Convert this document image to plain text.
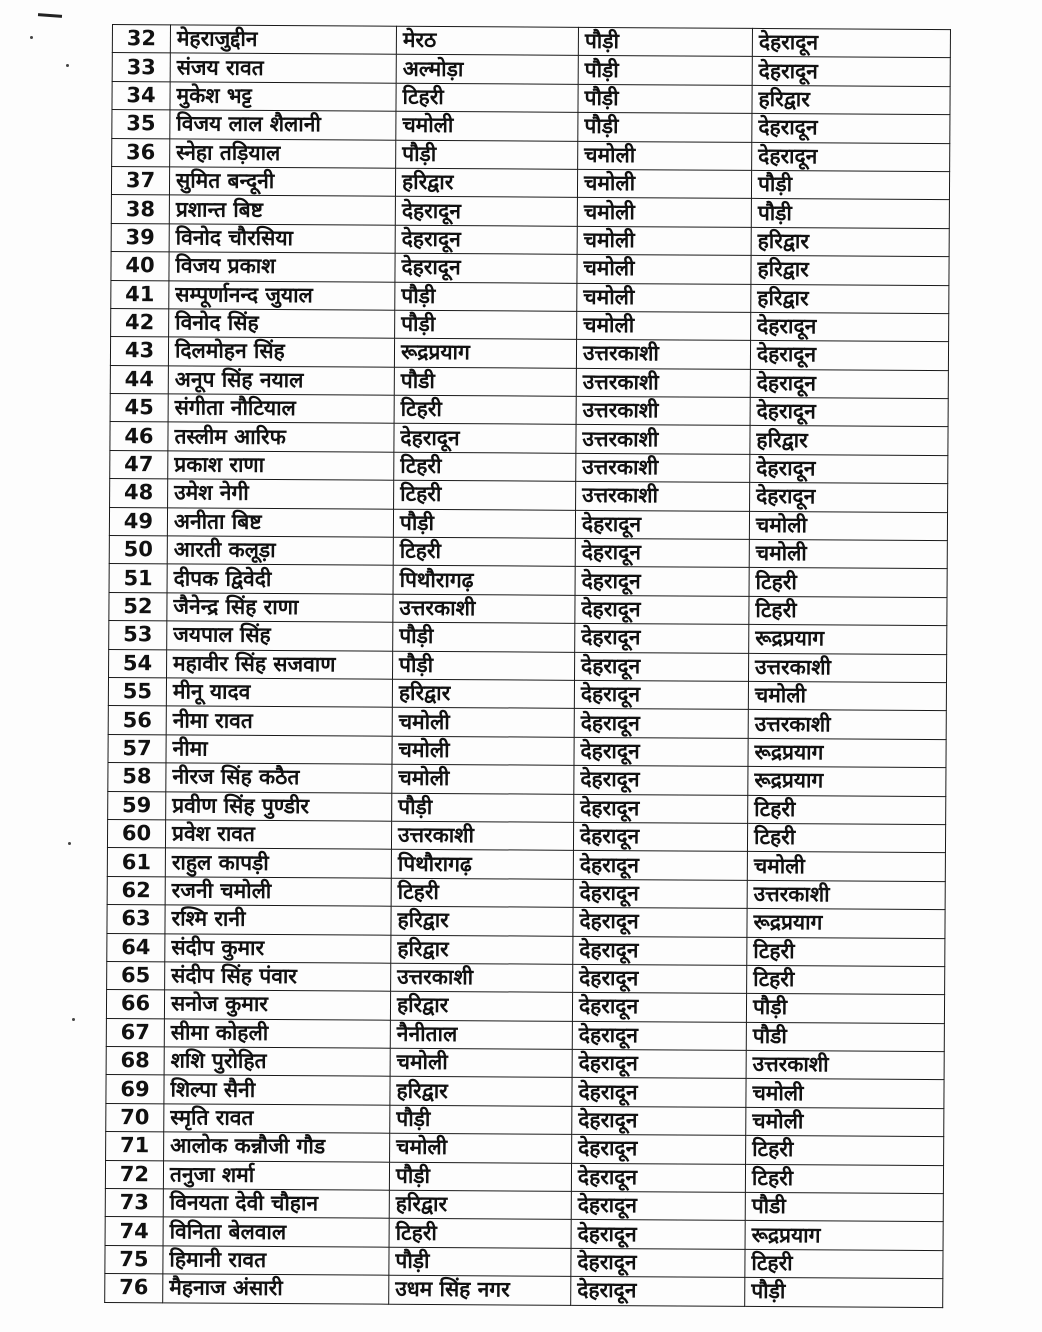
32	मेहराजुद्दीन	मेरठ	पौड़ी	देहरादून
33	संजय रावत	अल्मोड़ा	पौड़ी	देहरादून
34	मुकेश भट्ट	टिहरी	पौड़ी	हरिद्वार
35	विजय लाल शैलानी	चमोली	पौड़ी	देहरादून
36	स्नेहा तड़ियाल	पौड़ी	चमोली	देहरादून
37	सुमित बन्दूनी	हरिद्वार	चमोली	पौड़ी
38	प्रशान्त बिष्ट	देहरादून	चमोली	पौड़ी
39	विनोद चौरसिया	देहरादून	चमोली	हरिद्वार
40	विजय प्रकाश	देहरादून	चमोली	हरिद्वार
41	सम्पूर्णानन्द जुयाल	पौड़ी	चमोली	हरिद्वार
42	विनोद सिंह	पौड़ी	चमोली	देहरादून
43	दिलमोहन सिंह	रूद्रप्रयाग	उत्तरकाशी	देहरादून
44	अनूप सिंह नयाल	पौडी	उत्तरकाशी	देहरादून
45	संगीता नौटियाल	टिहरी	उत्तरकाशी	देहरादून
46	तस्लीम आरिफ	देहरादून	उत्तरकाशी	हरिद्वार
47	प्रकाश राणा	टिहरी	उत्तरकाशी	देहरादून
48	उमेश नेगी	टिहरी	उत्तरकाशी	देहरादून
49	अनीता बिष्ट	पौड़ी	देहरादून	चमोली
50	आरती कलूड़ा	टिहरी	देहरादून	चमोली
51	दीपक द्विवेदी	पिथौरागढ़	देहरादून	टिहरी
52	जैनेन्द्र सिंह राणा	उत्तरकाशी	देहरादून	टिहरी
53	जयपाल सिंह	पौड़ी	देहरादून	रूद्रप्रयाग
54	महावीर सिंह सजवाण	पौड़ी	देहरादून	उत्तरकाशी
55	मीनू यादव	हरिद्वार	देहरादून	चमोली
56	नीमा रावत	चमोली	देहरादून	उत्तरकाशी
57	नीमा	चमोली	देहरादून	रूद्रप्रयाग
58	नीरज सिंह कठैत	चमोली	देहरादून	रूद्रप्रयाग
59	प्रवीण सिंह पुण्डीर	पौड़ी	देहरादून	टिहरी
60	प्रवेश रावत	उत्तरकाशी	देहरादून	टिहरी
61	राहुल कापड़ी	पिथौरागढ़	देहरादून	चमोली
62	रजनी चमोली	टिहरी	देहरादून	उत्तरकाशी
63	रश्मि रानी	हरिद्वार	देहरादून	रूद्रप्रयाग
64	संदीप कुमार	हरिद्वार	देहरादून	टिहरी
65	संदीप सिंह पंवार	उत्तरकाशी	देहरादून	टिहरी
66	सनोज कुमार	हरिद्वार	देहरादून	पौड़ी
67	सीमा कोहली	नैनीताल	देहरादून	पौडी
68	शशि पुरोहित	चमोली	देहरादून	उत्तरकाशी
69	शिल्पा सैनी	हरिद्वार	देहरादून	चमोली
70	स्मृति रावत	पौड़ी	देहरादून	चमोली
71	आलोक कन्नौजी गौड	चमोली	देहरादून	टिहरी
72	तनुजा शर्मा	पौड़ी	देहरादून	टिहरी
73	विनयता देवी चौहान	हरिद्वार	देहरादून	पौडी
74	विनिता बेलवाल	टिहरी	देहरादून	रूद्रप्रयाग
75	हिमानी रावत	पौड़ी	देहरादून	टिहरी
76	मैहनाज अंसारी	उधम सिंह नगर	देहरादून	पौड़ी
